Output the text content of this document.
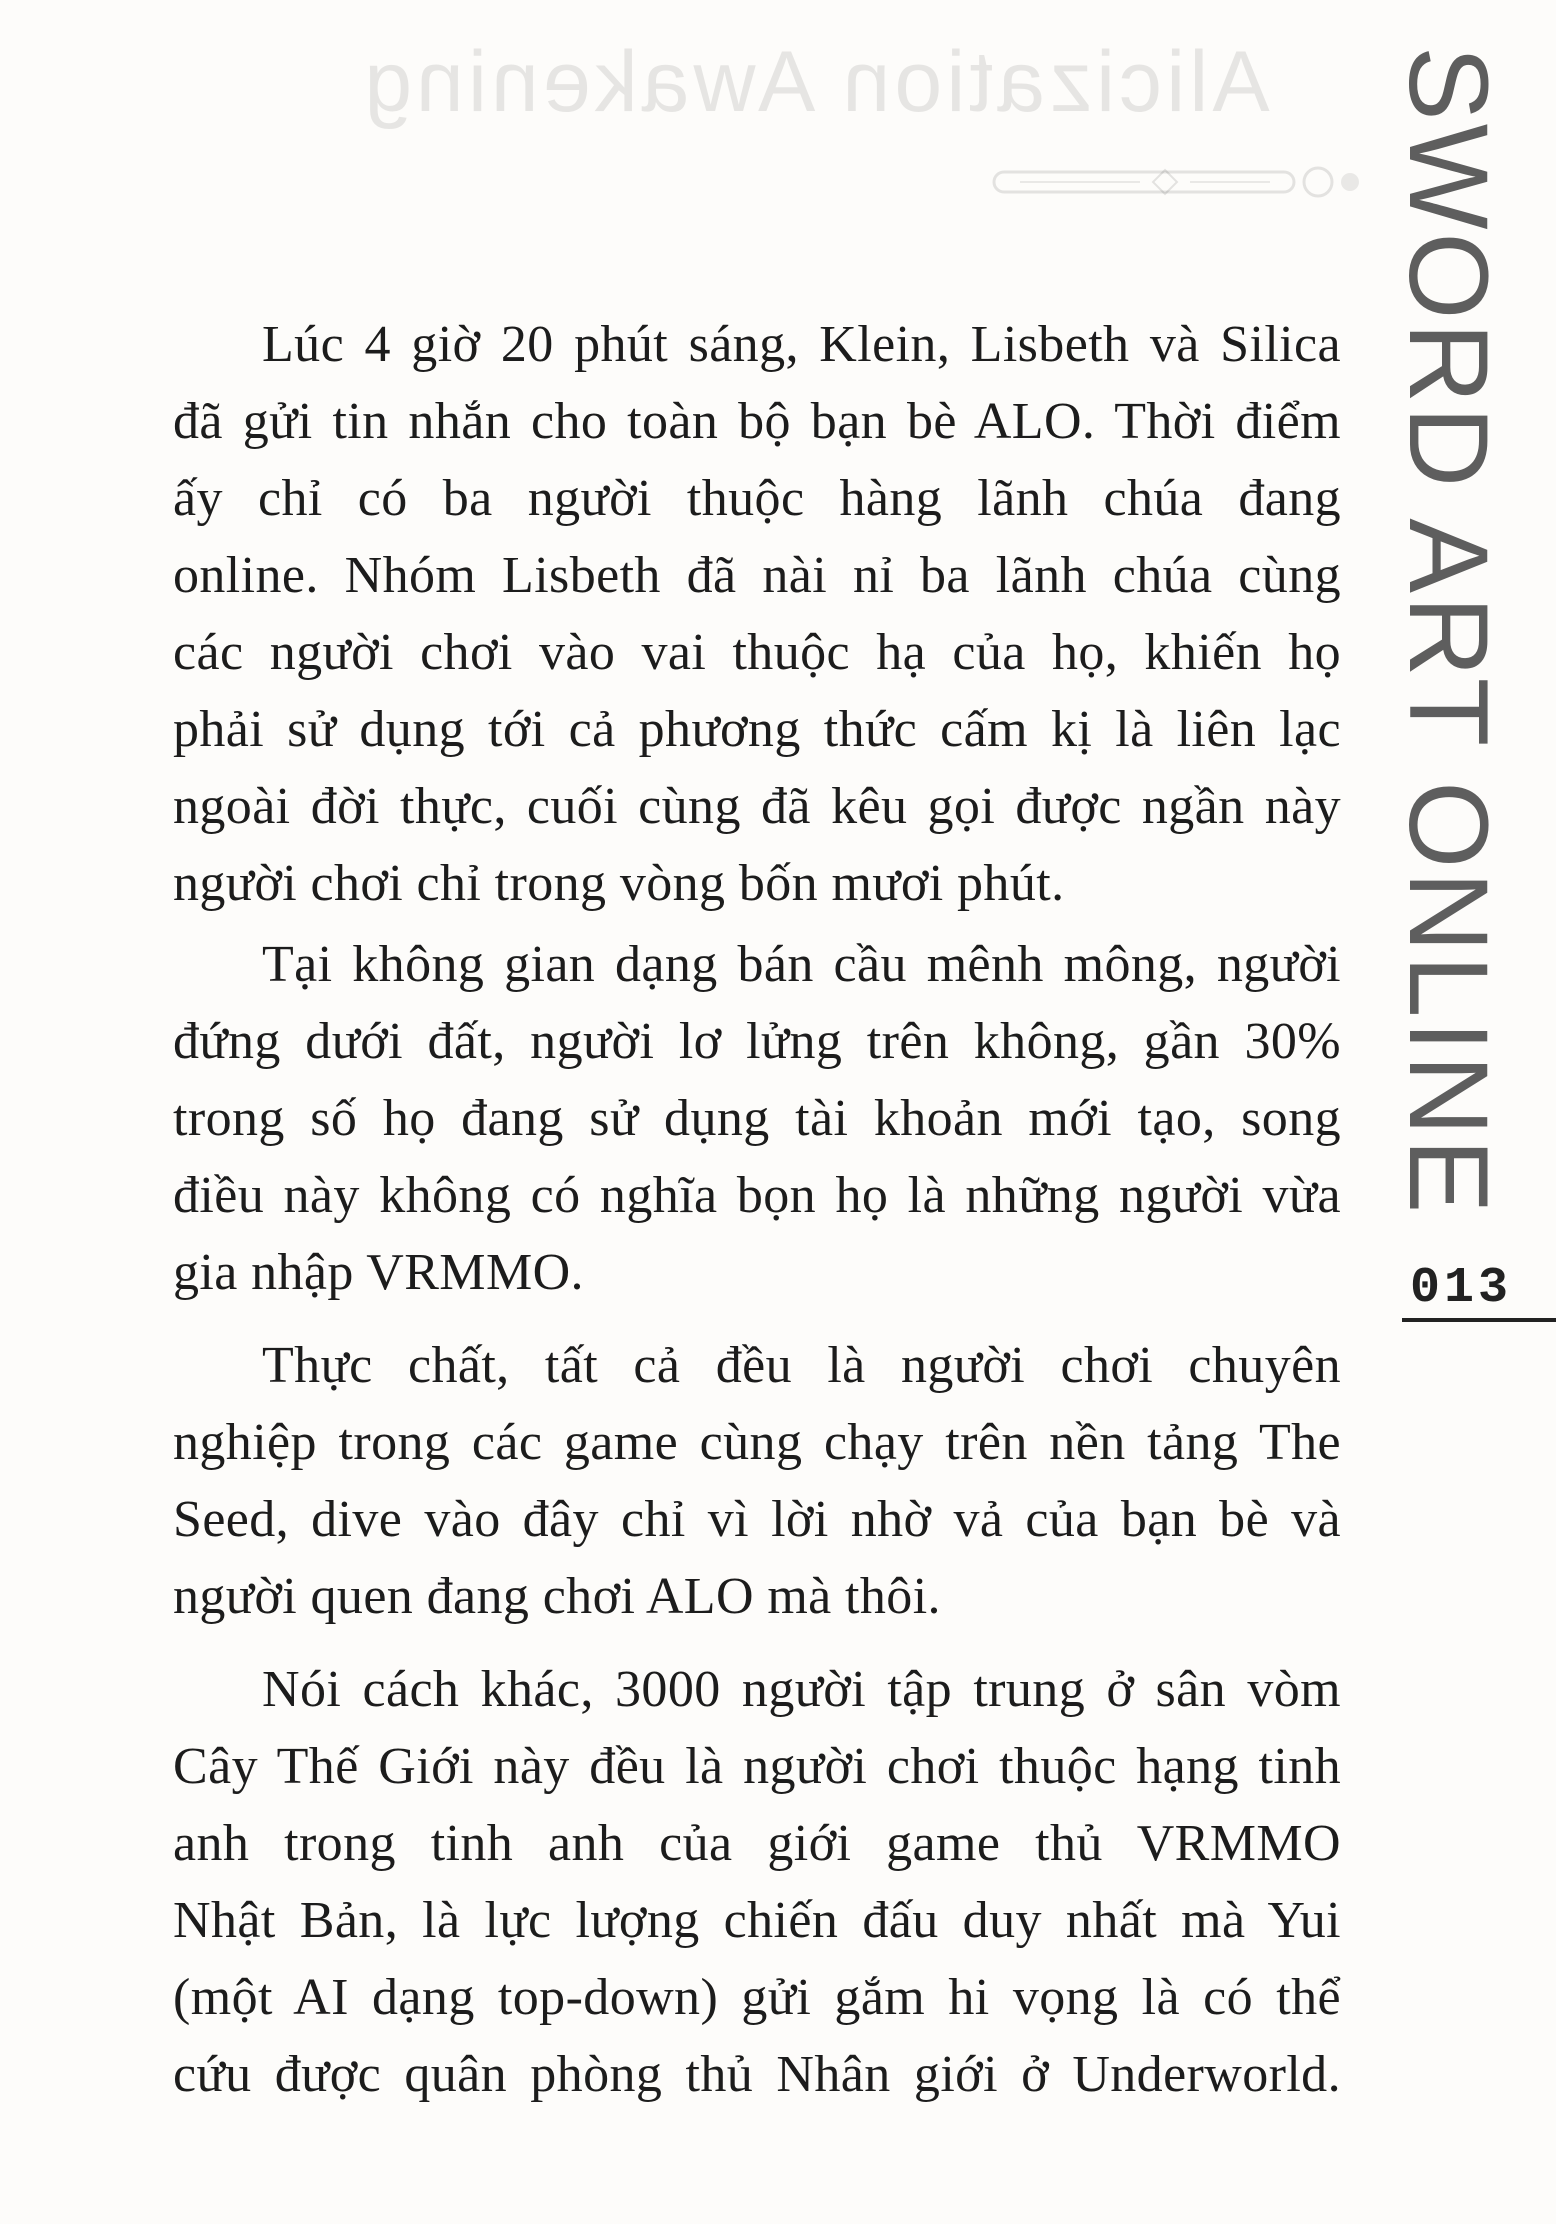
Alicization Awakening
Lúc 4 giờ 20 phút sáng, Klein, Lisbeth và Silica
đã gửi tin nhắn cho toàn bộ bạn bè ALO. Thời điểm
ấy chỉ có ba người thuộc hàng lãnh chúa đang
online. Nhóm Lisbeth đã nài nỉ ba lãnh chúa cùng
các người chơi vào vai thuộc hạ của họ, khiến họ
phải sử dụng tới cả phương thức cấm kị là liên lạc
ngoài đời thực, cuối cùng đã kêu gọi được ngần này
người chơi chỉ trong vòng bốn mươi phút.
Tại không gian dạng bán cầu mênh mông, người
đứng dưới đất, người lơ lửng trên không, gần 30%
trong số họ đang sử dụng tài khoản mới tạo, song
điều này không có nghĩa bọn họ là những người vừa
gia nhập VRMMO.
Thực chất, tất cả đều là người chơi chuyên
nghiệp trong các game cùng chạy trên nền tảng The
Seed, dive vào đây chỉ vì lời nhờ vả của bạn bè và
người quen đang chơi ALO mà thôi.
Nói cách khác, 3000 người tập trung ở sân vòm
Cây Thế Giới này đều là người chơi thuộc hạng tinh
anh trong tinh anh của giới game thủ VRMMO
Nhật Bản, là lực lượng chiến đấu duy nhất mà Yui
(một AI dạng top-down) gửi gắm hi vọng là có thể
cứu được quân phòng thủ Nhân giới ở Underworld.
SWORD ART ONLINE
013
